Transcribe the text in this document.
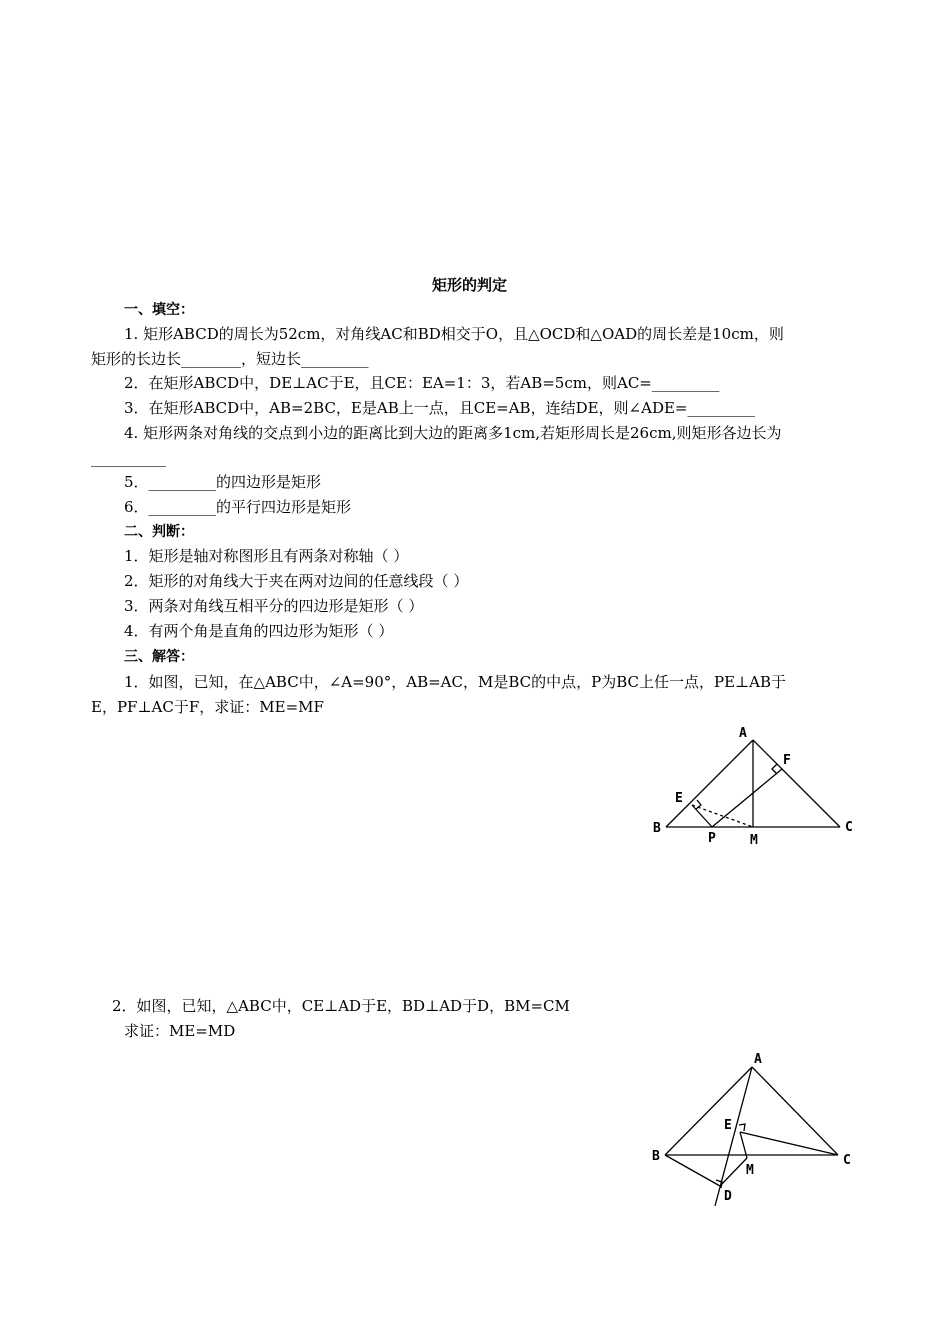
矩形的判定
一、填空：
1. 矩形ABCD的周长为52cm，对角线AC和BD相交于O，且△OCD和△OAD的周长差是10cm，则
矩形的长边长________，短边长_________
2．在矩形ABCD中，DE⊥AC于E，且CE：EA=1：3，若AB=5cm，则AC=_________
3．在矩形ABCD中，AB=2BC，E是AB上一点，且CE=AB，连结DE，则∠ADE=_________
4. 矩形两条对角线的交点到小边的距离比到大边的距离多1cm,若矩形周长是26cm,则矩形各边长为
__________
5．_________的四边形是矩形
6．_________的平行四边形是矩形
二、判断：
1．矩形是轴对称图形且有两条对称轴（ ）
2．矩形的对角线大于夹在两对边间的任意线段（ ）
3．两条对角线互相平分的四边形是矩形（ ）
4．有两个角是直角的四边形为矩形（ ）
三、解答：
1．如图，已知，在△ABC中，∠A=90°，AB=AC，M是BC的中点，P为BC上任一点，PE⊥AB于
E，PF⊥AC于F，求证：ME=MF
A
F
E
B	C
P	M
2．如图，已知，△ABC中，CE⊥AD于E，BD⊥AD于D，BM=CM
求证：ME=MD
A
E
B	C
M
D
